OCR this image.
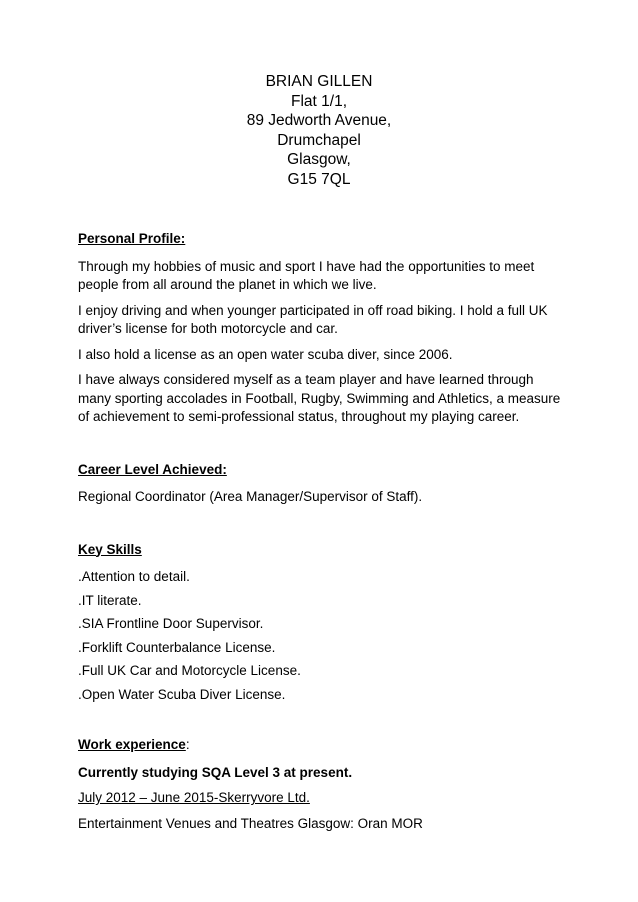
BRIAN GILLEN
Flat 1/1,
89 Jedworth Avenue,
Drumchapel
Glasgow,
G15 7QL
Personal Profile:

Through my hobbies of music and sport I have had the opportunities to meet people from all around the planet in which we live.

I enjoy driving and when younger participated in off road biking. I hold a full UK driver’s license for both motorcycle and car.

I also hold a license as an open water scuba diver, since 2006.

I have always considered myself as a team player and have learned through many sporting accolades in Football, Rugby, Swimming and Athletics, a measure of achievement to semi-professional status, throughout my playing career.

Career Level Achieved:

Regional Coordinator (Area Manager/Supervisor of Staff).

Key Skills

.Attention to detail.

.IT literate.

.SIA Frontline Door Supervisor.

.Forklift Counterbalance License.

.Full UK Car and Motorcycle License.

.Open Water Scuba Diver License.

Work experience:

Currently studying SQA Level 3 at present.

July 2012 – June 2015-Skerryvore Ltd.

Entertainment Venues and Theatres Glasgow: Oran MOR
